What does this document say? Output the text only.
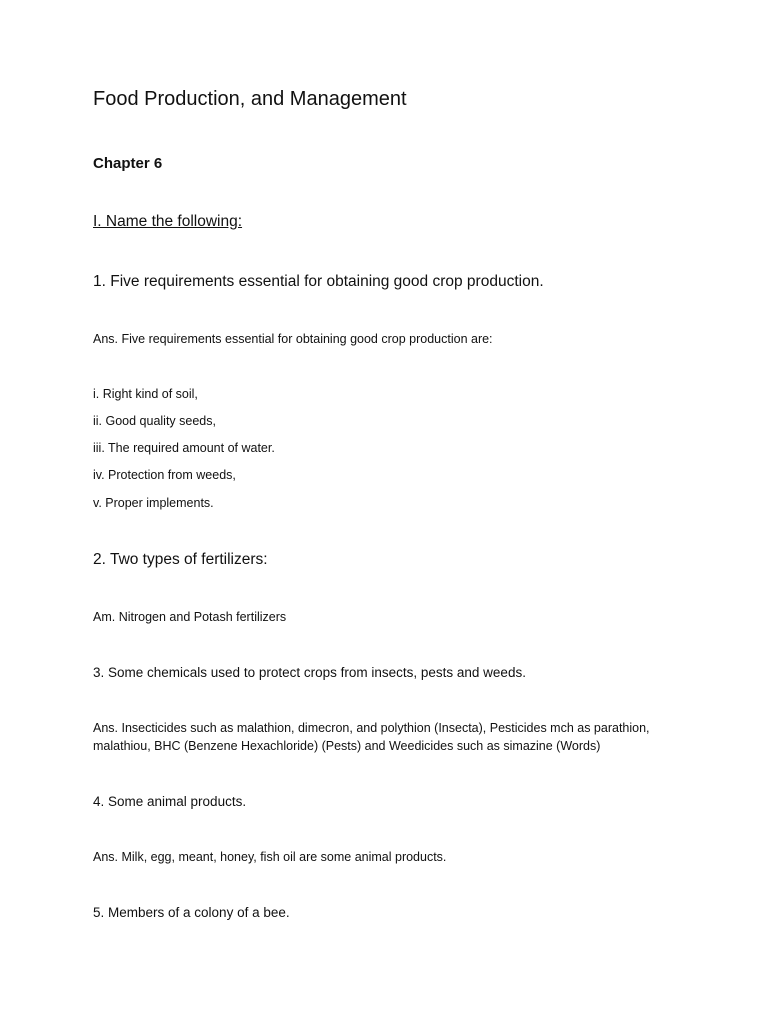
Food Production, and Management
Chapter 6
I. Name the following:
1. Five requirements essential for obtaining good crop production.
Ans. Five requirements essential for obtaining good crop production are:
i. Right kind of soil,
ii. Good quality seeds,
iii. The required amount of water.
iv. Protection from weeds,
v. Proper implements.
2. Two types of fertilizers:
Am. Nitrogen and Potash fertilizers
3. Some chemicals used to protect crops from insects, pests and weeds.
Ans. Insecticides such as malathion, dimecron, and polythion (Insecta), Pesticides mch as parathion,
malathiou, BHC (Benzene Hexachloride) (Pests) and Weedicides such as simazine (Words)
4. Some animal products.
Ans. Milk, egg, meant, honey, fish oil are some animal products.
5. Members of a colony of a bee.
